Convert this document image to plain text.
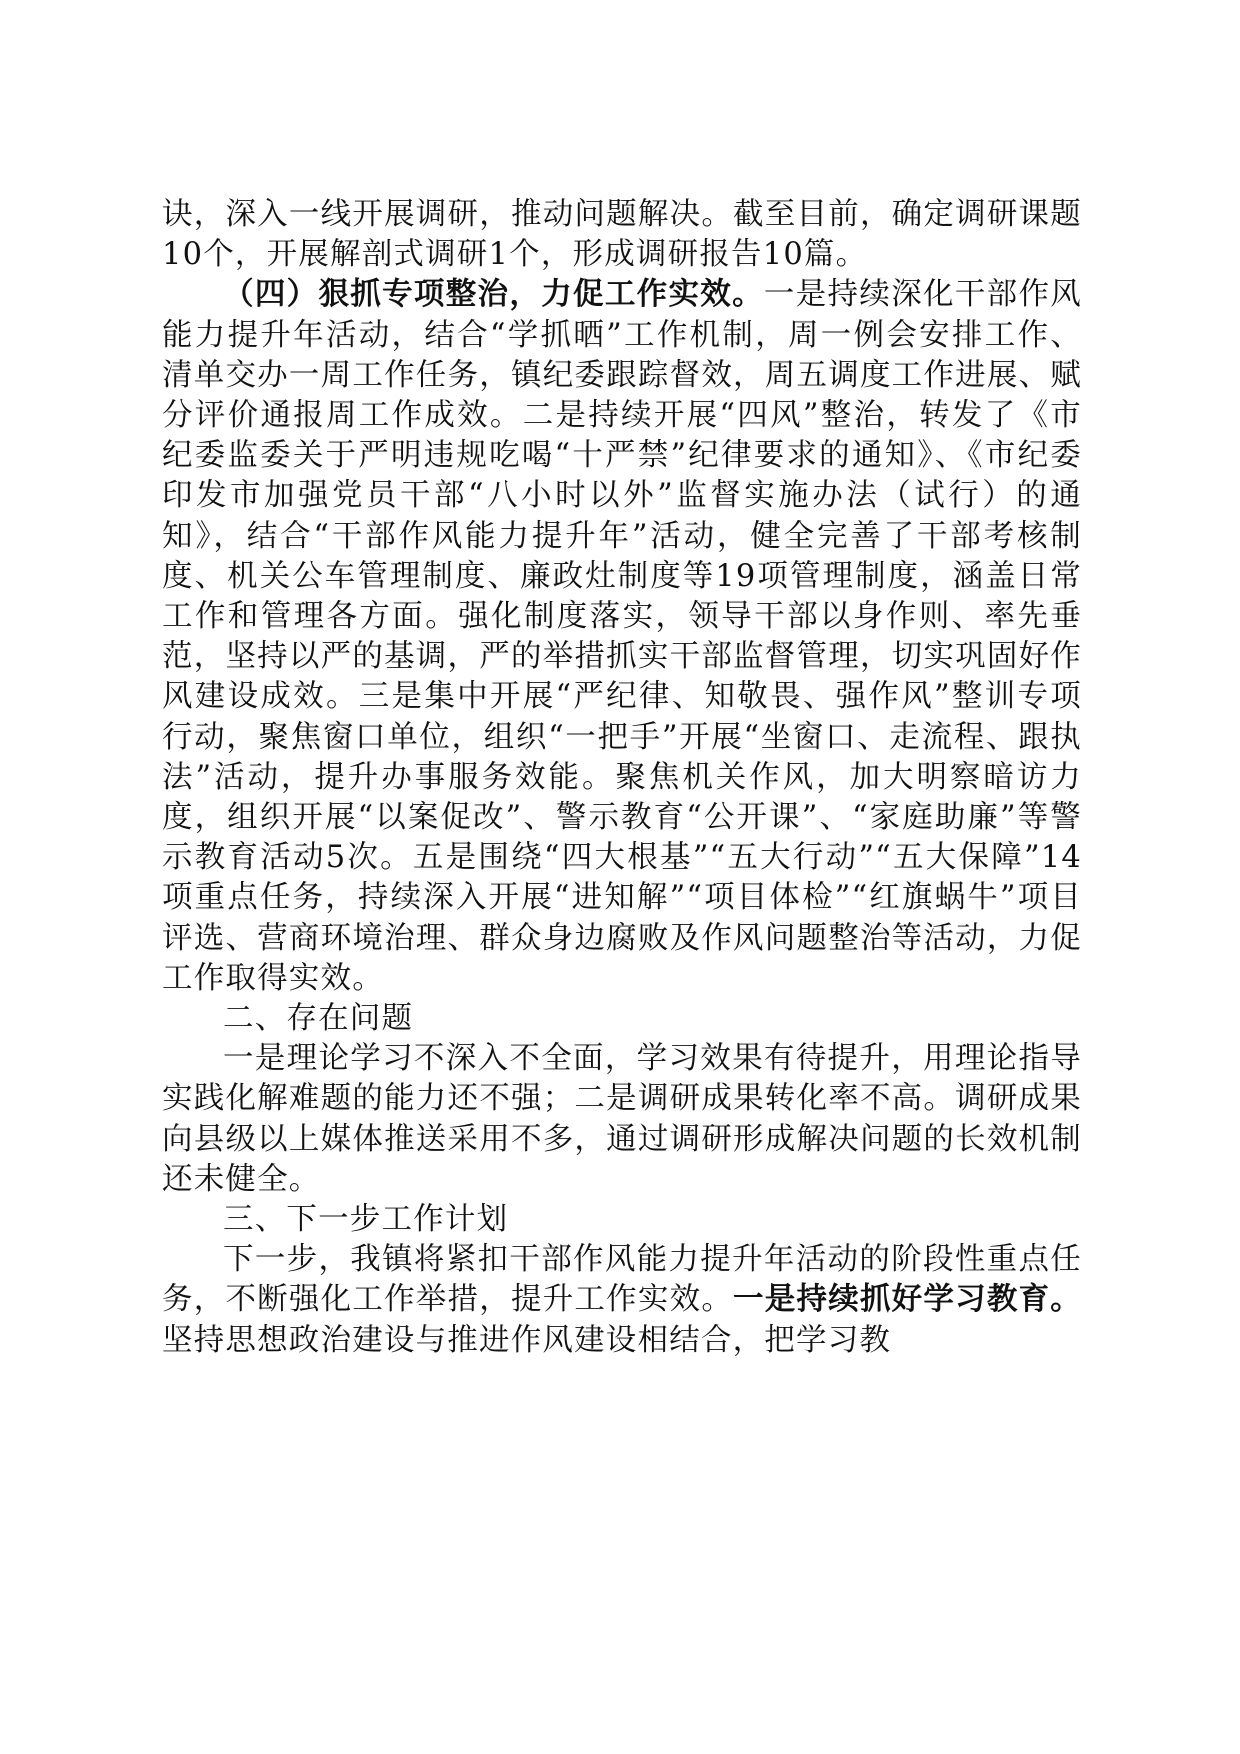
诀，深入一线开展调研，推动问题解决。截至目前，确定调研课题10个，开展解剖式调研1个，形成调研报告10篇。

（四）狠抓专项整治，力促工作实效。一是持续深化干部作风能力提升年活动，结合“学抓晒”工作机制，周一例会安排工作、清单交办一周工作任务，镇纪委跟踪督效，周五调度工作进展、赋分评价通报周工作成效。二是持续开展“四风”整治，转发了《市纪委监委关于严明违规吃喝“十严禁”纪律要求的通知》、《市纪委印发市加强党员干部“八小时以外”监督实施办法（试行）的通知》，结合“干部作风能力提升年”活动，健全完善了干部考核制度、机关公车管理制度、廉政灶制度等19项管理制度，涵盖日常工作和管理各方面。强化制度落实，领导干部以身作则、率先垂范，坚持以严的基调，严的举措抓实干部监督管理，切实巩固好作风建设成效。三是集中开展“严纪律、知敬畏、强作风”整训专项行动，聚焦窗口单位，组织“一把手”开展“坐窗口、走流程、跟执法”活动，提升办事服务效能。聚焦机关作风，加大明察暗访力度，组织开展“以案促改”、警示教育“公开课”、“家庭助廉”等警示教育活动5次。五是围绕“四大根基”“五大行动”“五大保障”14项重点任务，持续深入开展“进知解”“项目体检”“红旗蜗牛”项目评选、营商环境治理、群众身边腐败及作风问题整治等活动，力促工作取得实效。

二、存在问题

一是理论学习不深入不全面，学习效果有待提升，用理论指导实践化解难题的能力还不强；二是调研成果转化率不高。调研成果向县级以上媒体推送采用不多，通过调研形成解决问题的长效机制还未健全。

三、下一步工作计划

下一步，我镇将紧扣干部作风能力提升年活动的阶段性重点任务，不断强化工作举措，提升工作实效。一是持续抓好学习教育。坚持思想政治建设与推进作风建设相结合，把学习教
